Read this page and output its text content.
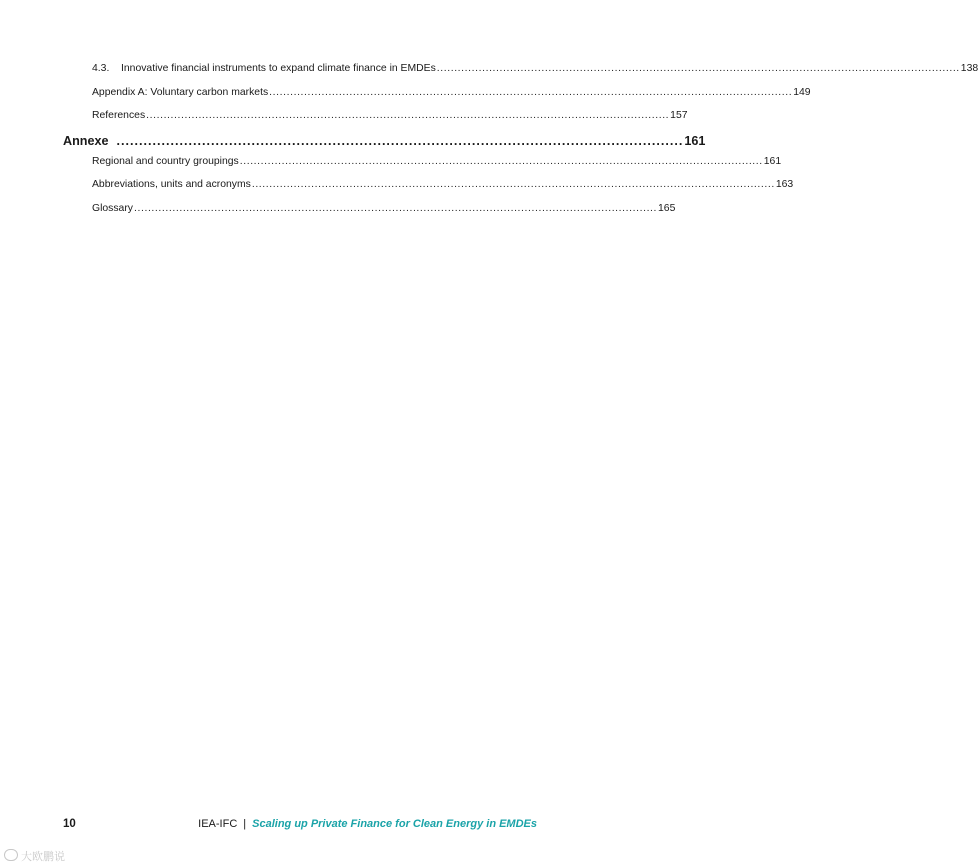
4.3.	Innovative financial instruments to expand climate finance in EMDEs ...................................................................................................................................................... 138
Appendix A: Voluntary carbon markets ...................................................................................................................................................... 149
References ...................................................................................................................................................... 157
Annexe .............................................................................................................................. 161
Regional and country groupings ...................................................................................................................................................... 161
Abbreviations, units and acronyms ...................................................................................................................................................... 163
Glossary ...................................................................................................................................................... 165
10	IEA-IFC | Scaling up Private Finance for Clean Energy in EMDEs
大欧鹏说
